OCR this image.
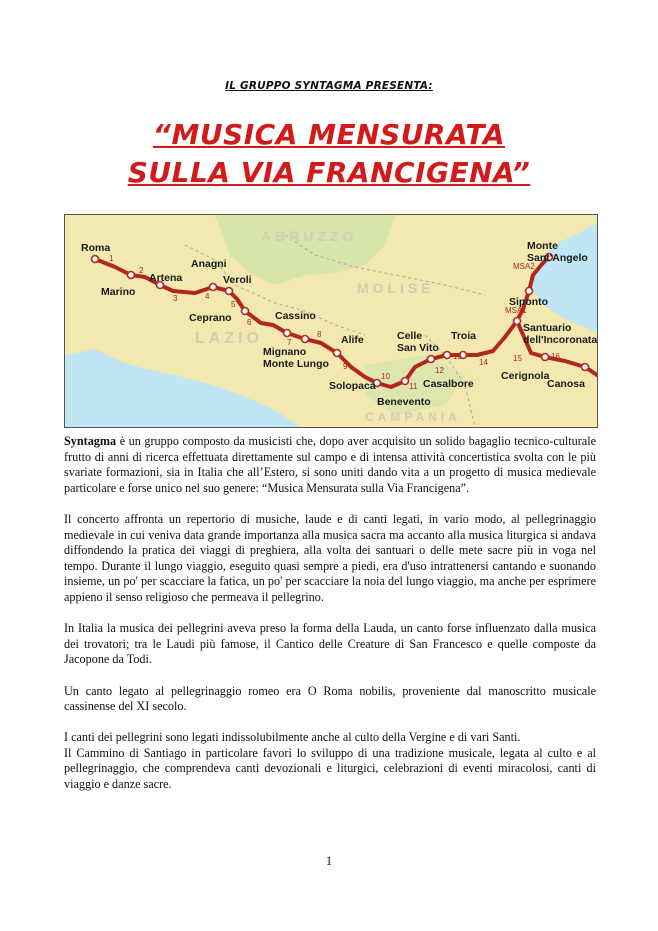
IL GRUPPO SYNTAGMA PRESENTA:
“MUSICA MENSURATA
SULLA VIA FRANCIGENA”
ABRUZZO
MOLISE
LAZIO
CAMPANIA
1
2
3	4
5
6
7
8
9
10
11
12
13
14	15	16
MSA2
MSA1
Roma
Marino
Artena
Anagni
Veroli
Ceprano	Cassino
Mignano
Monte Lungo
Alife
Solopaca
Benevento
Celle
San Vito
Casalbore
Troia
Siponto
Monte
Sant'Angelo
Santuario
dell'Incoronata
Cerignola
Canosa

Syntagma è un gruppo composto da musicisti che, dopo aver acquisito un solido bagaglio tecnico-culturale frutto di anni di ricerca effettuata direttamente sul campo e di intensa attività concertistica svolta con le più svariate formazioni, sia in Italia che all’Estero, si sono uniti dando vita a un progetto di musica medievale particolare e forse unico nel suo genere: “Musica Mensurata sulla Via Francigena”.

Il concerto affronta un repertorio di musiche, laude e di canti legati, in vario modo, al pellegrinaggio medievale in cui veniva data grande importanza alla musica sacra ma accanto alla musica liturgica si andava diffondendo la pratica dei viaggi di preghiera, alla volta dei santuari o delle mete sacre più in voga nel tempo. Durante il lungo viaggio, eseguito quasi sempre a piedi, era d'uso intrattenersi cantando e suonando insieme, un po' per scacciare la fatica, un po' per scacciare la noia del lungo viaggio, ma anche per esprimere appieno il senso religioso che permeava il pellegrino.

In Italia la musica dei pellegrini aveva preso la forma della Lauda, un canto forse influenzato dalla musica dei trovatori; tra le Laudi più famose, il Cantico delle Creature di San Francesco e quelle composte da Jacopone da Todi.

Un canto legato al pellegrinaggio romeo era O Roma nobilis, proveniente dal manoscritto musicale cassinense del XI secolo.

I canti dei pellegrini sono legati indissolubilmente anche al culto della Vergine e di vari Santi.

Il Cammino di Santiago in particolare favorì lo sviluppo di una tradizione musicale, legata al culto e al pellegrinaggio, che comprendeva canti devozionali e liturgici, celebrazioni di eventi miracolosi, canti di viaggio e danze sacre.

1
